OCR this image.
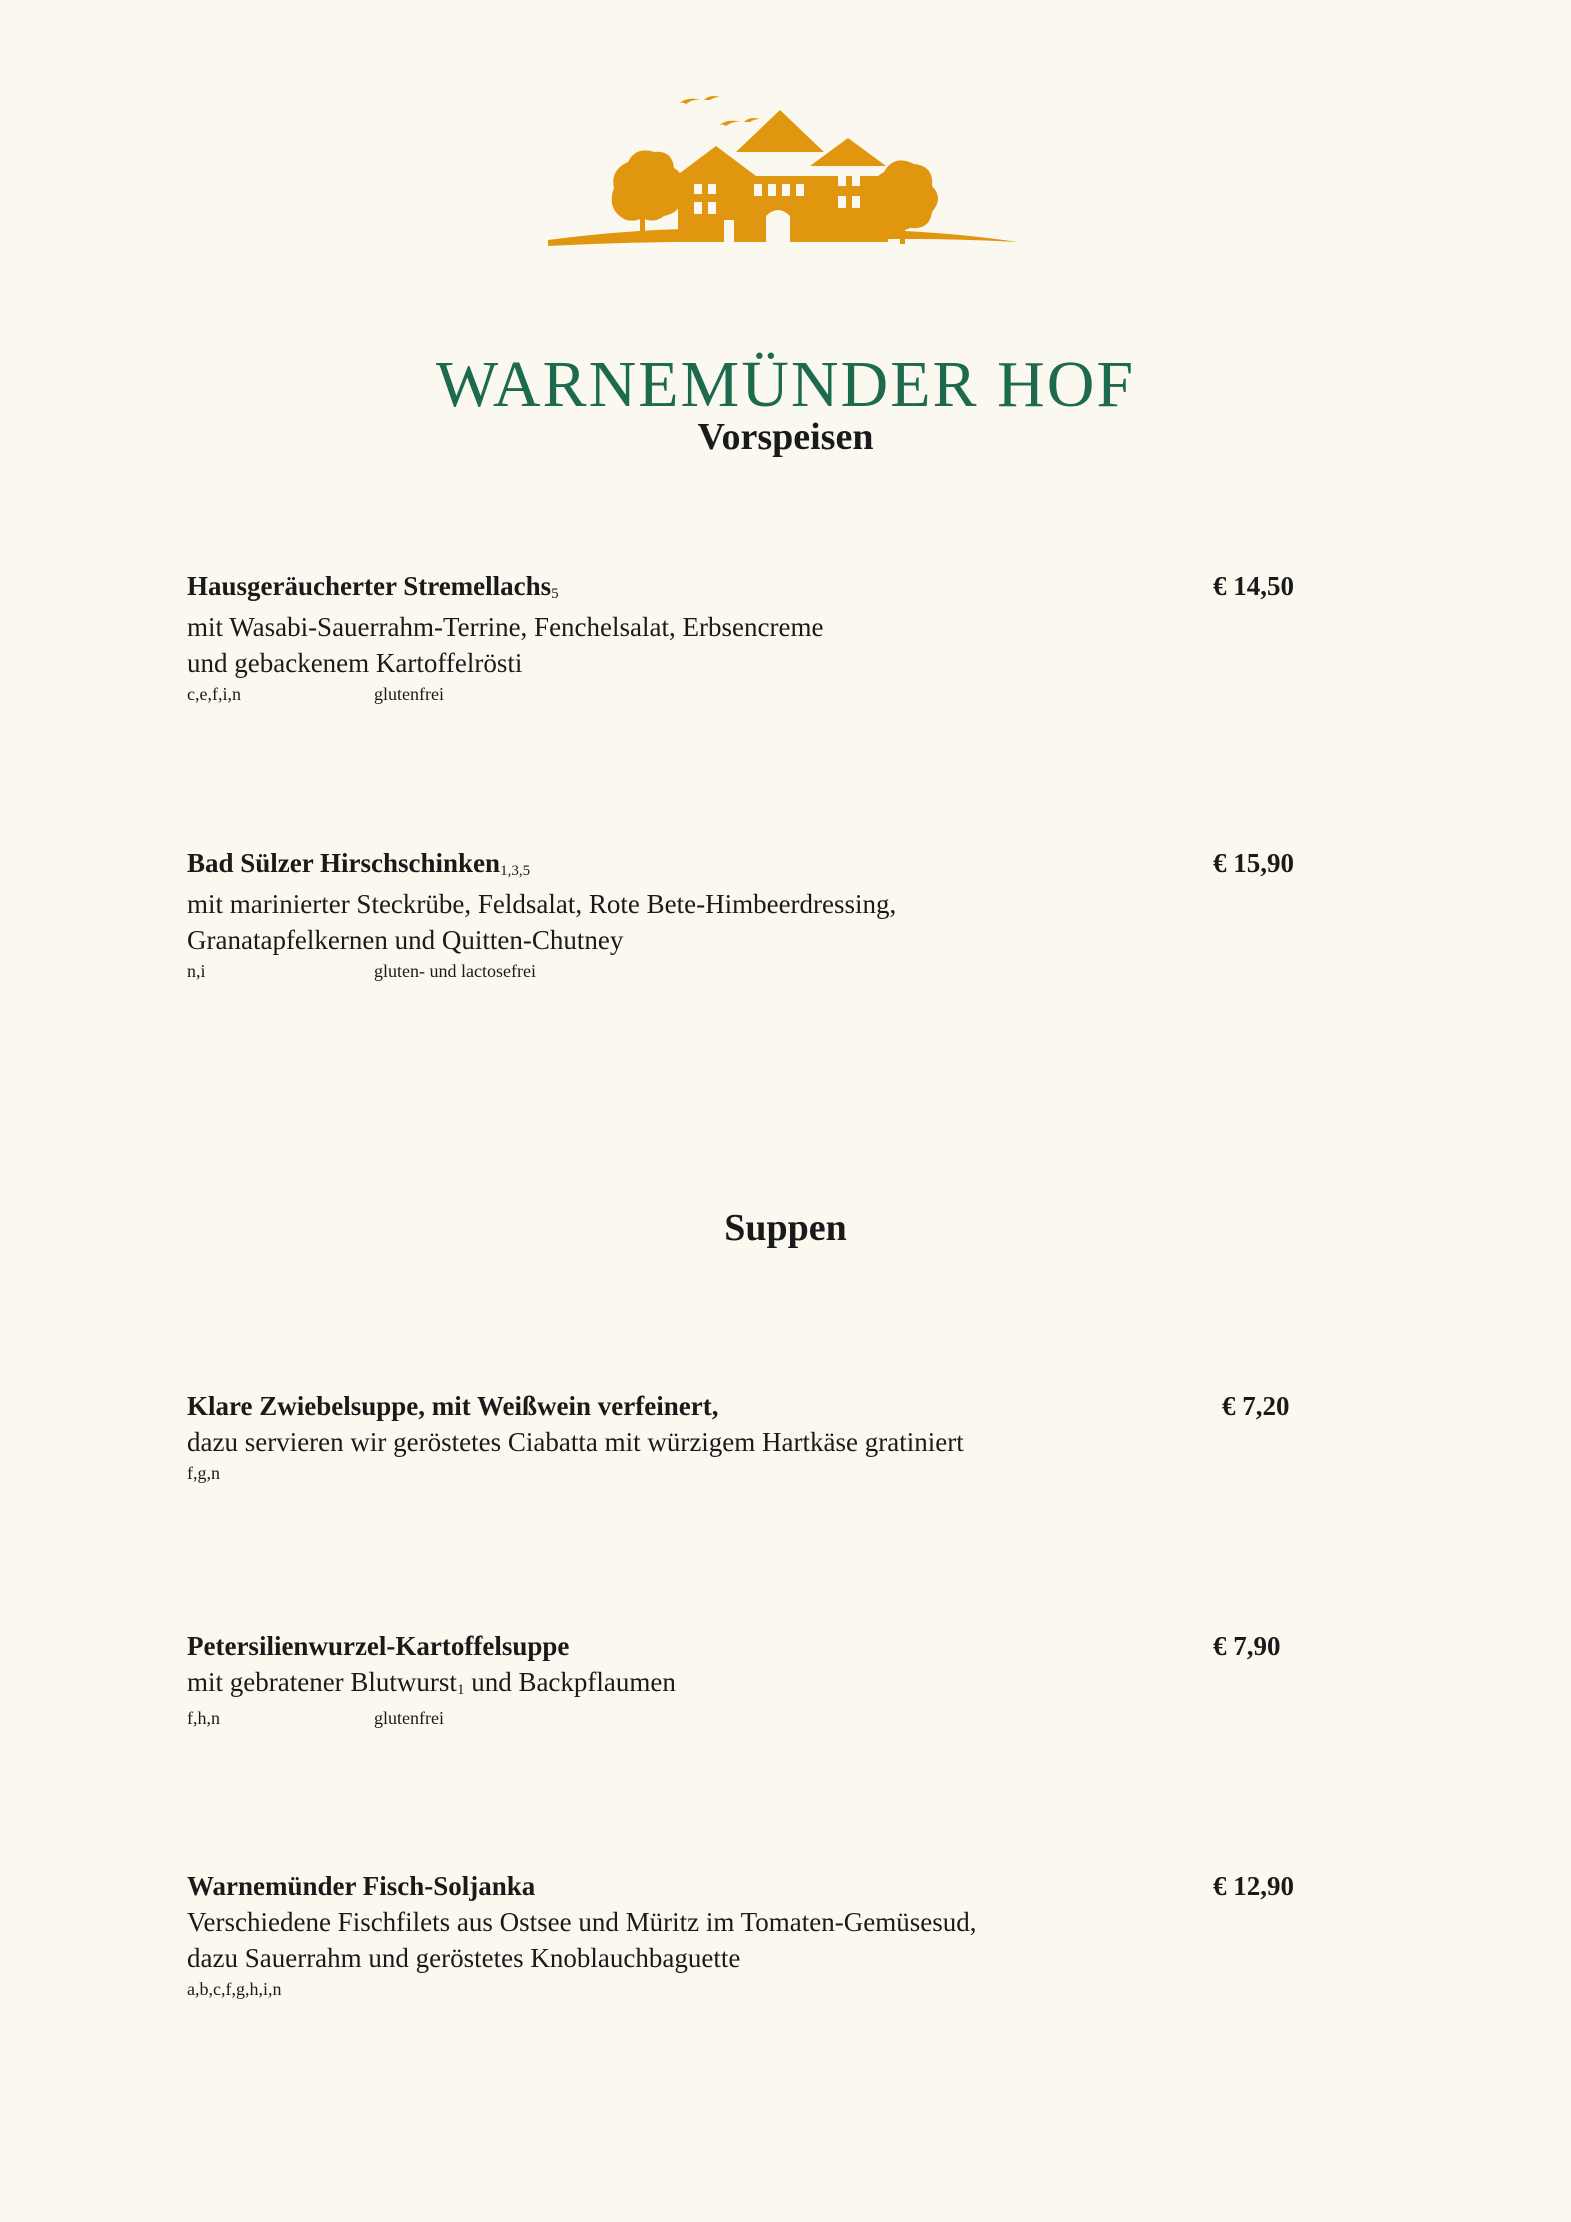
WARNEMÜNDER HOF
Vorspeisen
Hausgeräucherter Stremellachs$_5$
mit Wasabi-Sauerrahm-Terrine, Fenchelsalat, Erbsencreme
und gebackenem Kartoffelrösti
c,e,f,i,n	glutenfrei
€ 14,50
Bad Sülzer Hirschschinken$_{1,3,5}$
mit marinierter Steckrübe, Feldsalat, Rote Bete-Himbeerdressing,
Granatapfelkernen und Quitten-Chutney
n,i	gluten- und lactosefrei
€ 15,90
Suppen
Klare Zwiebelsuppe, mit Weißwein verfeinert,
dazu servieren wir geröstetes Ciabatta mit würzigem Hartkäse gratiniert
f,g,n
€ 7,20
Petersilienwurzel-Kartoffelsuppe
mit gebratener Blutwurst$_1$ und Backpflaumen
f,h,n	glutenfrei
€ 7,90
Warnemünder Fisch-Soljanka
Verschiedene Fischfilets aus Ostsee und Müritz im Tomaten-Gemüsesud,
dazu Sauerrahm und geröstetes Knoblauchbaguette
a,b,c,f,g,h,i,n
€ 12,90
